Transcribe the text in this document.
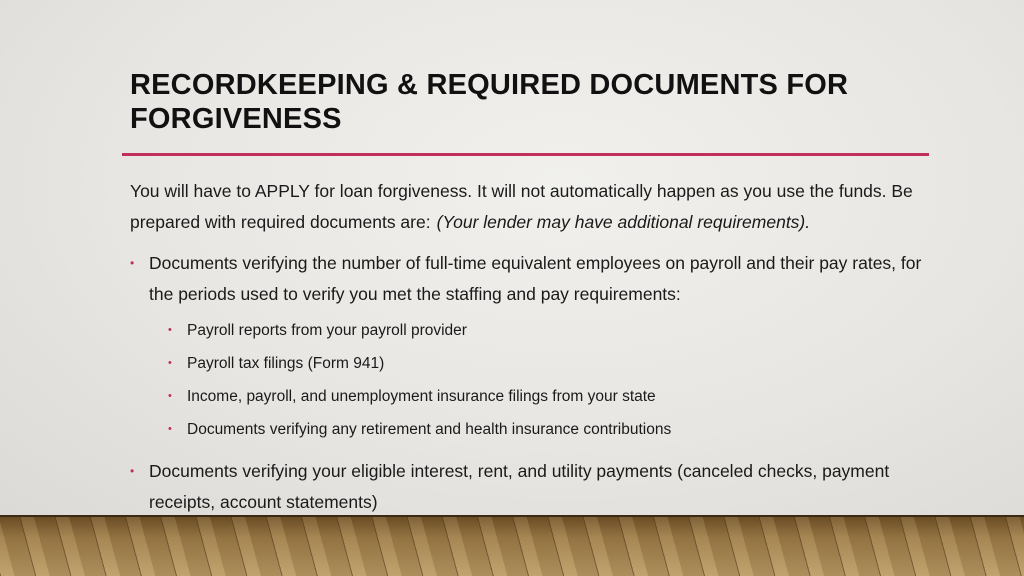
RECORDKEEPING & REQUIRED DOCUMENTS FOR FORGIVENESS
You will have to APPLY for loan forgiveness. It will not automatically happen as you use the funds. Be prepared with required documents are: (Your lender may have additional requirements).
• Documents verifying the number of full-time equivalent employees on payroll and their pay rates, for the periods used to verify you met the staffing and pay requirements:
• Payroll reports from your payroll provider
• Payroll tax filings (Form 941)
• Income, payroll, and unemployment insurance filings from your state
• Documents verifying any retirement and health insurance contributions
• Documents verifying your eligible interest, rent, and utility payments (canceled checks, payment receipts, account statements)
